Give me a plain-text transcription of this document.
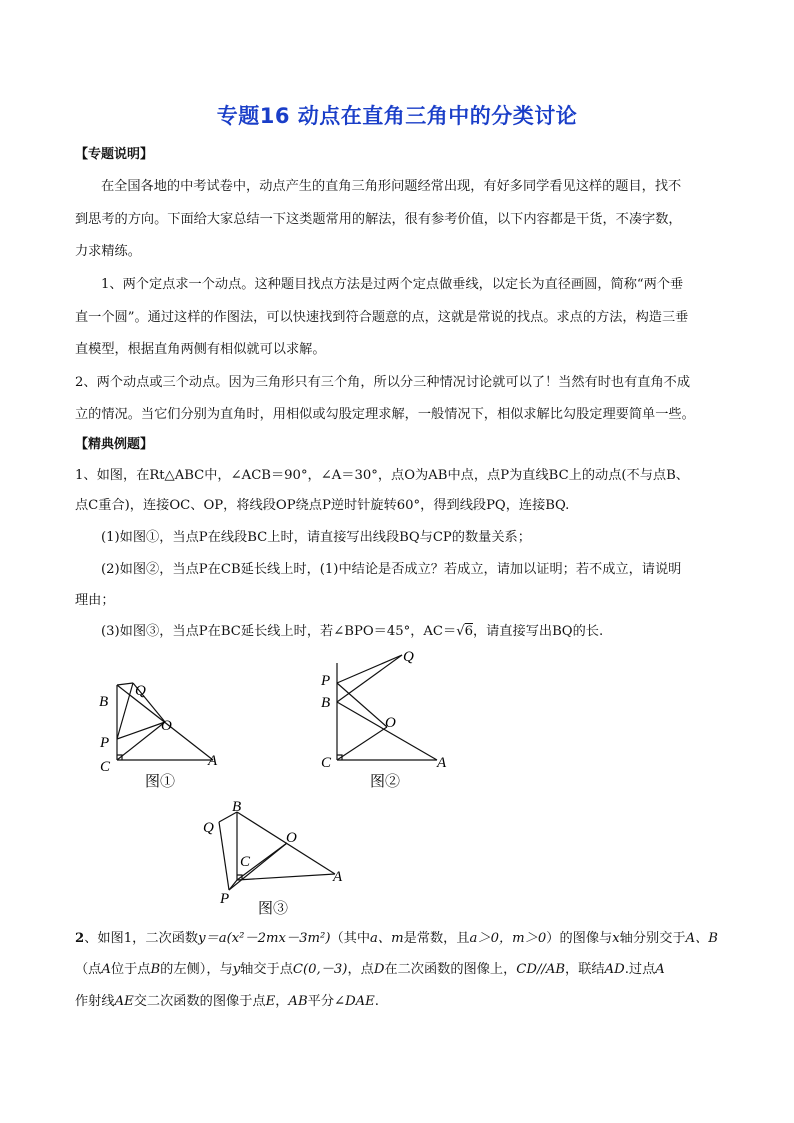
专题16 动点在直角三角中的分类讨论
【专题说明】
在全国各地的中考试卷中，动点产生的直角三角形问题经常出现，有好多同学看见这样的题目，找不
到思考的方向。下面给大家总结一下这类题常用的解法，很有参考价值，以下内容都是干货，不凑字数，
力求精练。
1、两个定点求一个动点。这种题目找点方法是过两个定点做垂线，以定长为直径画圆，简称“两个垂
直一个圆”。通过这样的作图法，可以快速找到符合题意的点，这就是常说的找点。求点的方法，构造三垂
直模型，根据直角两侧有相似就可以求解。
2、两个动点或三个动点。因为三角形只有三个角，所以分三种情况讨论就可以了！当然有时也有直角不成
立的情况。当它们分别为直角时，用相似或勾股定理求解，一般情况下，相似求解比勾股定理要简单一些。
【精典例题】
1、如图，在Rt△ABC中，∠ACB＝90°，∠A＝30°，点O为AB中点，点P为直线BC上的动点(不与点B、
点C重合)，连接OC、OP，将线段OP绕点P逆时针旋转60°，得到线段PQ，连接BQ.
(1)如图①，当点P在线段BC上时，请直接写出线段BQ与CP的数量关系；
(2)如图②，当点P在CB延长线上时，(1)中结论是否成立？若成立，请加以证明；若不成立，请说明
理由；
(3)如图③，当点P在BC延长线上时，若∠BPO＝45°，AC＝√6，请直接写出BQ的长.
B
Q
O
P
C	A
图①
Q
P
B
O
C	A
图②
B
Q
O
C
A
P
图③
2、如图1，二次函数y＝a(x²－2mx－3m²)（其中a、m是常数，且a＞0，m＞0）的图像与x轴分别交于A、B
（点A位于点B的左侧），与y轴交于点C(0,－3)，点D在二次函数的图像上，CD//AB，联结AD.过点A
作射线AE交二次函数的图像于点E，AB平分∠DAE.
